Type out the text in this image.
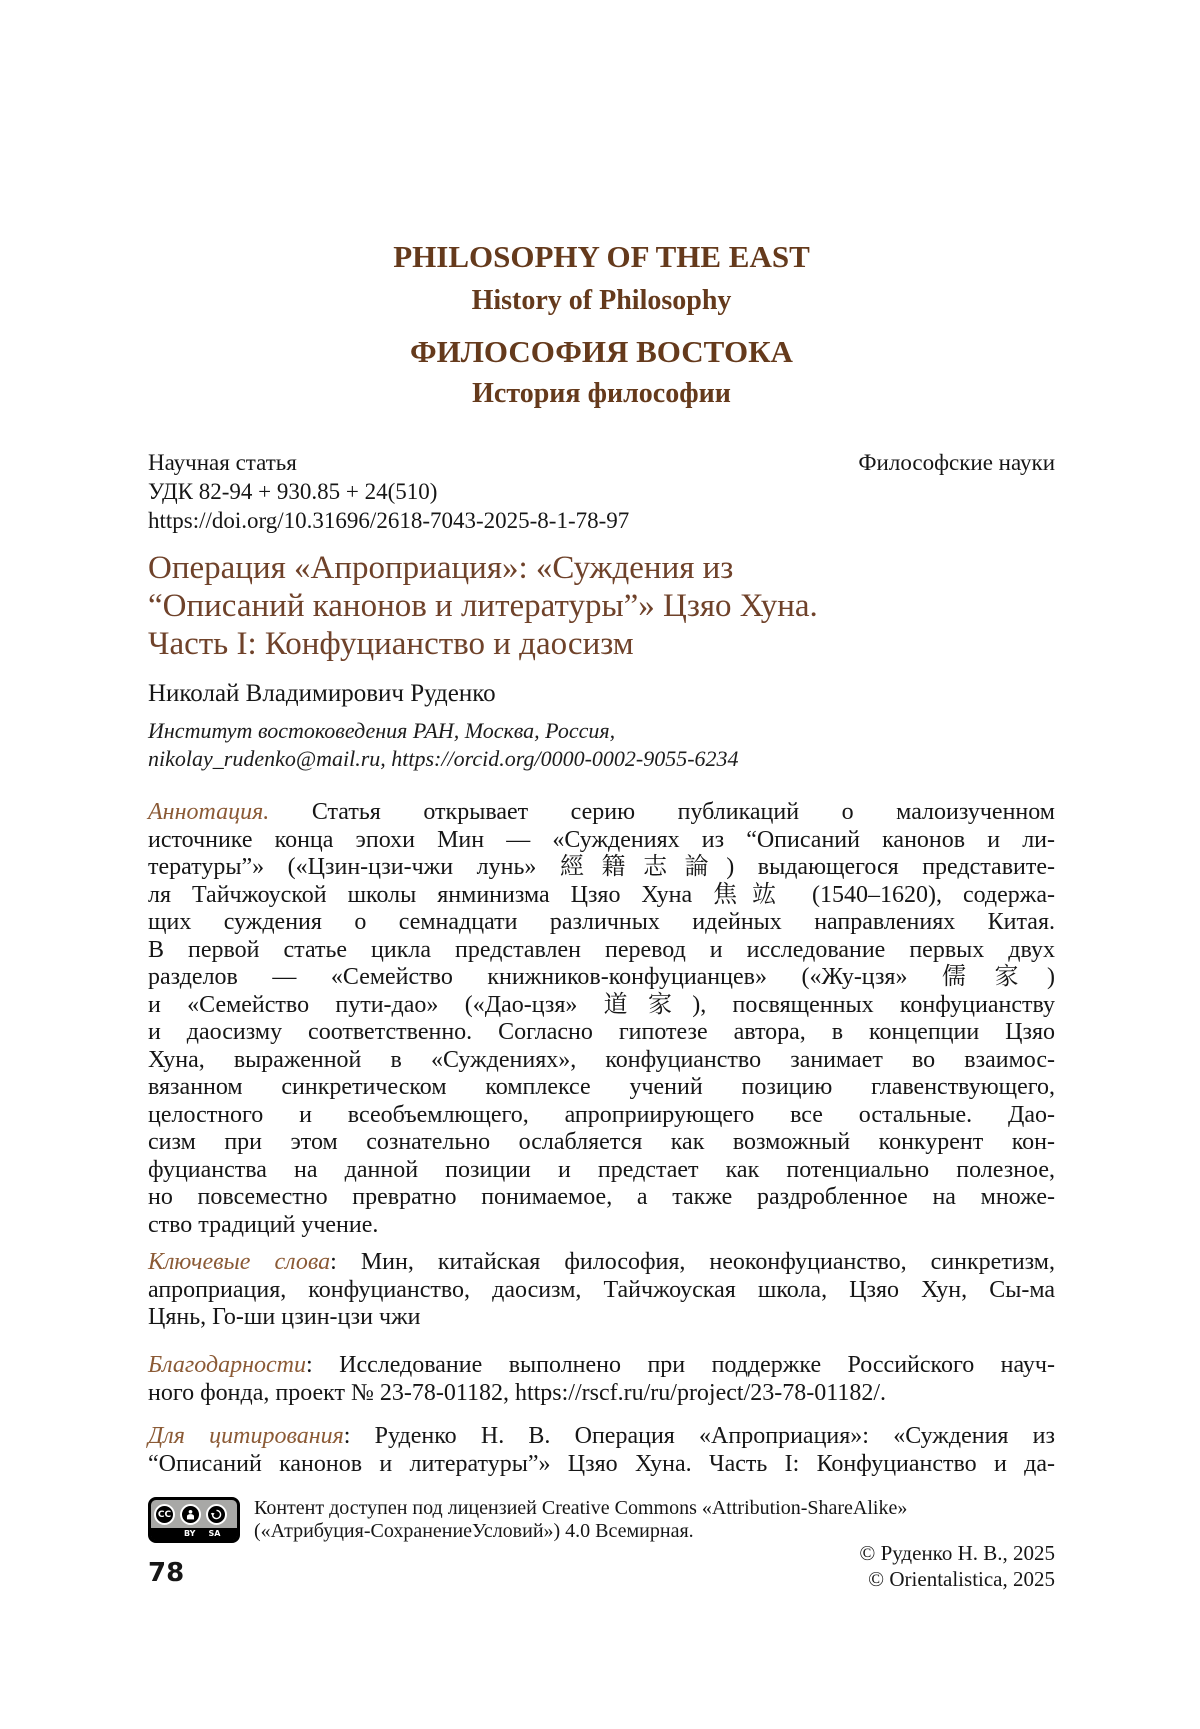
PHILOSOPHY OF THE EAST
History of Philosophy
ФИЛОСОФИЯ ВОСТОКА
История философии
Научная статья	Философские науки
УДК 82-94 + 930.85 + 24(510)
https://doi.org/10.31696/2618-7043-2025-8-1-78-97
Операция «Апроприация»: «Суждения из
“Описаний канонов и литературы”» Цзяо Хуна.
Часть I: Конфуцианство и даосизм
Николай Владимирович Руденко
Институт востоковедения РАН, Москва, Россия,
nikolay_rudenko@mail.ru, https://orcid.org/0000-0002-9055-6234
Аннотация. Статья открывает серию публикаций о малоизученном
источнике конца эпохи Мин — «Суждениях из “Описаний канонов и ли-
тературы”» («Цзин-цзи-чжи лунь» 經籍志論) выдающегося представите-
ля Тайчжоуской школы янминизма Цзяо Хуна 焦竑 (1540–1620), содержа-
щих суждения о семнадцати различных идейных направлениях Китая.
В первой статье цикла представлен перевод и исследование первых двух
разделов — «Семейство книжников-конфуцианцев» («Жу-цзя» 儒家)
и «Семейство пути-дао» («Дао-цзя» 道家), посвященных конфуцианству
и даосизму соответственно. Согласно гипотезе автора, в концепции Цзяо
Хуна, выраженной в «Суждениях», конфуцианство занимает во взаимос-
вязанном синкретическом комплексе учений позицию главенствующего,
целостного и всеобъемлющего, апроприирующего все остальные. Дао-
сизм при этом сознательно ослабляется как возможный конкурент кон-
фуцианства на данной позиции и предстает как потенциально полезное,
но повсеместно превратно понимаемое, а также раздробленное на множе-
ство традиций учение.
Ключевые слова: Мин, китайская философия, неоконфуцианство, синкретизм,
апроприация, конфуцианство, даосизм, Тайчжоуская школа, Цзяо Хун, Сы-ма
Цянь, Го-ши цзин-цзи чжи
Благодарности: Исследование выполнено при поддержке Российского науч-
ного фонда, проект № 23-78-01182, https://rscf.ru/ru/project/23-78-01182/.
Для цитирования: Руденко Н. В. Операция «Апроприация»: «Суждения из
“Описаний канонов и литературы”» Цзяо Хуна. Часть I: Конфуцианство и да-
CC
BY SA
Контент доступен под лицензией Creative Commons «Attribution-ShareAlike»
(«Атрибуция-СохранениеУсловий») 4.0 Всемирная.
78
© Руденко Н. В., 2025
© Orientalistica, 2025
